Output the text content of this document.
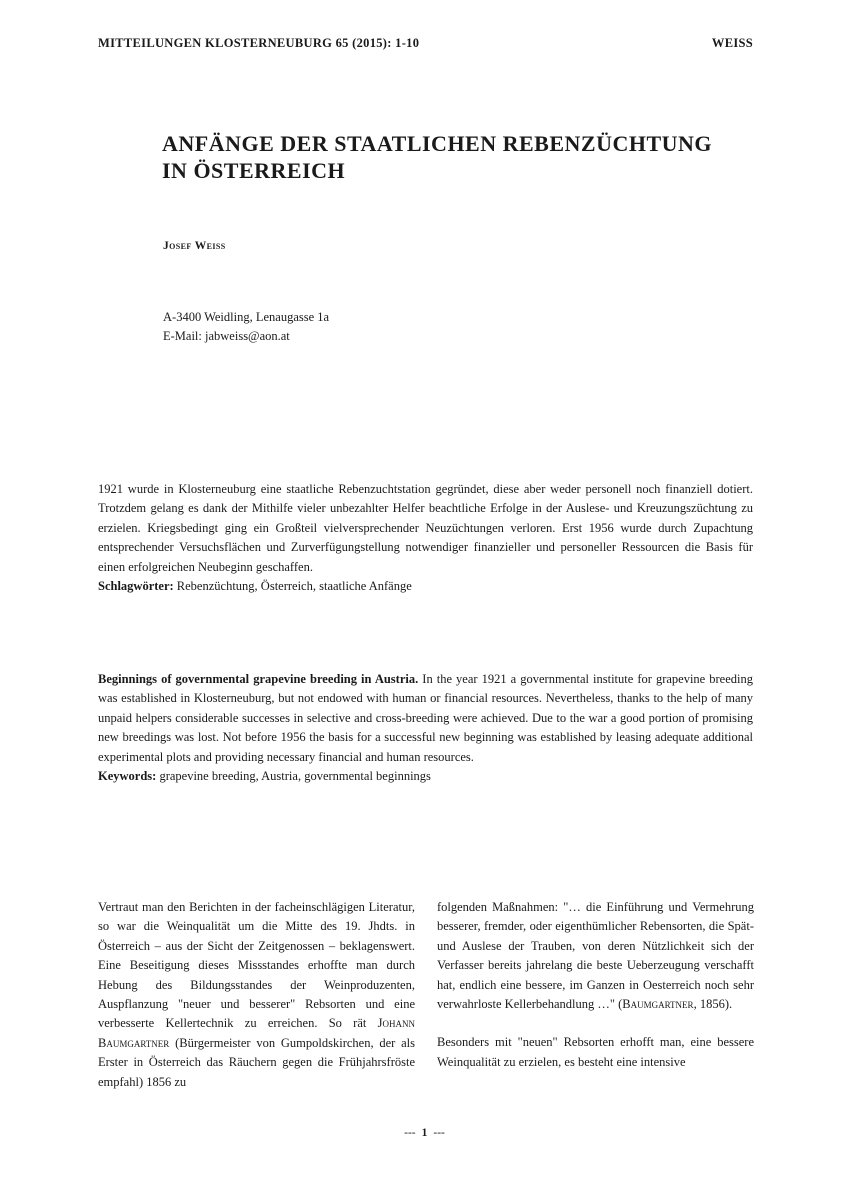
MITTEILUNGEN KLOSTERNEUBURG 65 (2015): 1-10	WEISS
ANFÄNGE DER STAATLICHEN REBENZÜCHTUNG
IN ÖSTERREICH
Josef Weiss
A-3400 Weidling, Lenaugasse 1a
E-Mail: jabweiss@aon.at
1921 wurde in Klosterneuburg eine staatliche Rebenzuchtstation gegründet, diese aber weder personell noch finanziell dotiert. Trotzdem gelang es dank der Mithilfe vieler unbezahlter Helfer beachtliche Erfolge in der Auslese- und Kreuzungszüchtung zu erzielen. Kriegsbedingt ging ein Großteil vielversprechender Neuzüchtungen verloren. Erst 1956 wurde durch Zupachtung entsprechender Versuchsflächen und Zurverfügungstellung notwendiger finanzieller und personeller Ressourcen die Basis für einen erfolgreichen Neubeginn geschaffen.
Schlagwörter: Rebenzüchtung, Österreich, staatliche Anfänge
Beginnings of governmental grapevine breeding in Austria. In the year 1921 a governmental institute for grapevine breeding was established in Klosterneuburg, but not endowed with human or financial resources. Nevertheless, thanks to the help of many unpaid helpers considerable successes in selective and cross-breeding were achieved. Due to the war a good portion of promising new breedings was lost. Not before 1956 the basis for a successful new beginning was established by leasing adequate additional experimental plots and providing necessary financial and human resources.
Keywords: grapevine breeding, Austria, governmental beginnings

Vertraut man den Berichten in der facheinschlägigen Literatur, so war die Weinqualität um die Mitte des 19. Jhdts. in Österreich – aus der Sicht der Zeitgenossen – beklagenswert. Eine Beseitigung dieses Missstandes erhoffte man durch Hebung des Bildungsstandes der Weinproduzenten, Auspflanzung "neuer und besserer" Rebsorten und eine verbesserte Kellertechnik zu erreichen. So rät Johann Baumgartner (Bürgermeister von Gumpoldskirchen, der als Erster in Österreich das Räuchern gegen die Frühjahrsfröste empfahl) 1856 zu

folgenden Maßnahmen: "… die Einführung und Vermehrung besserer, fremder, oder eigenthümlicher Rebensorten, die Spät- und Auslese der Trauben, von deren Nützlichkeit sich der Verfasser bereits jahrelang die beste Ueberzeugung verschafft hat, endlich eine bessere, im Ganzen in Oesterreich noch sehr verwahrloste Kellerbehandlung …" (Baumgartner, 1856).

Besonders mit "neuen" Rebsorten erhofft man, eine bessere Weinqualität zu erzielen, es besteht eine intensive

--- 1 ---
